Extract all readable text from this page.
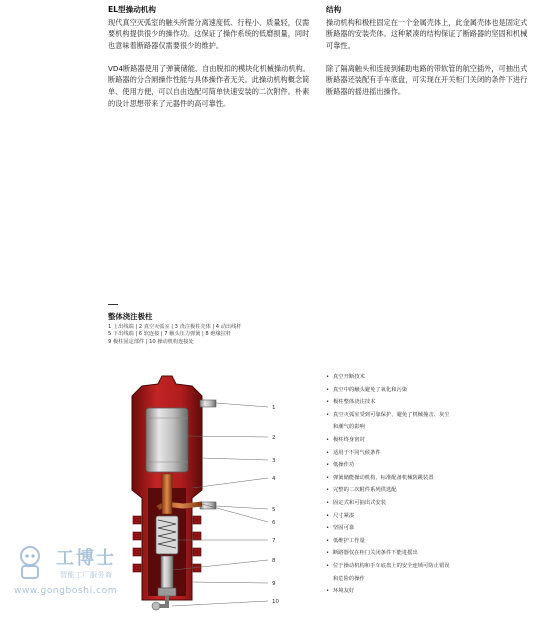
EL型操动机构

现代真空灭弧室的触头所需分离速度低、行程小、质量轻，仅需要机构提供很少的操作功。这保证了操作系统的低磨损量，同时也意味着断路器仅需要很少的维护。

VD4断路器使用了弹簧储能、自由脱扣的模块化机械操动机构。断路器的分合闸操作性能与具体操作者无关。此操动机构概念简单、使用方便，可以自由选配可简单快速安装的二次附件。朴素的设计思想带来了元器件的高可靠性。

结构

操动机构和极柱固定在一个金属壳体上，此金属壳体也是固定式断路器的安装壳体。这种紧凑的结构保证了断路器的坚固和机械可靠性。

除了隔离触头和连接到辅助电路的带软管的航空插外，可抽出式断路器还装配有手车底盘，可实现在开关柜门关闭的条件下进行断路器的摇进摇出操作。

整体浇注极柱
1 上出线端 | 2 真空灭弧室 | 3 浇注极柱壳体 | 4 动出线杆
5 下出线端 | 6 软连接 | 7 触头压力弹簧 | 8 绝缘拉杆
9 极柱固定部件 | 10 操动机构连接处
1
2
3
4
5
6
7
8
9
10
• 真空开断技术
• 真空中的触头避免了氧化和污染
• 极柱整体浇注技术
• 真空灭弧室受到可靠保护，避免了机械撞击、灰尘
和潮气的影响
• 极柱终身密封
• 适用于不同气候条件
• 低操作功
• 弹簧储能操动机构，标准配备机械防跳装置
• 完整的二次附件系列供选配
• 固定式和可抽出式安装
• 尺寸紧凑
• 坚固可靠
• 低维护工作量
• 断路器仅在柜门关闭条件下能进摇出
• 位于操动机构和手车底盘上的安全连锁可防止错误
和危险的操作
• 环境友好
工博士
智能工厂服务商
www.gongboshi.com
